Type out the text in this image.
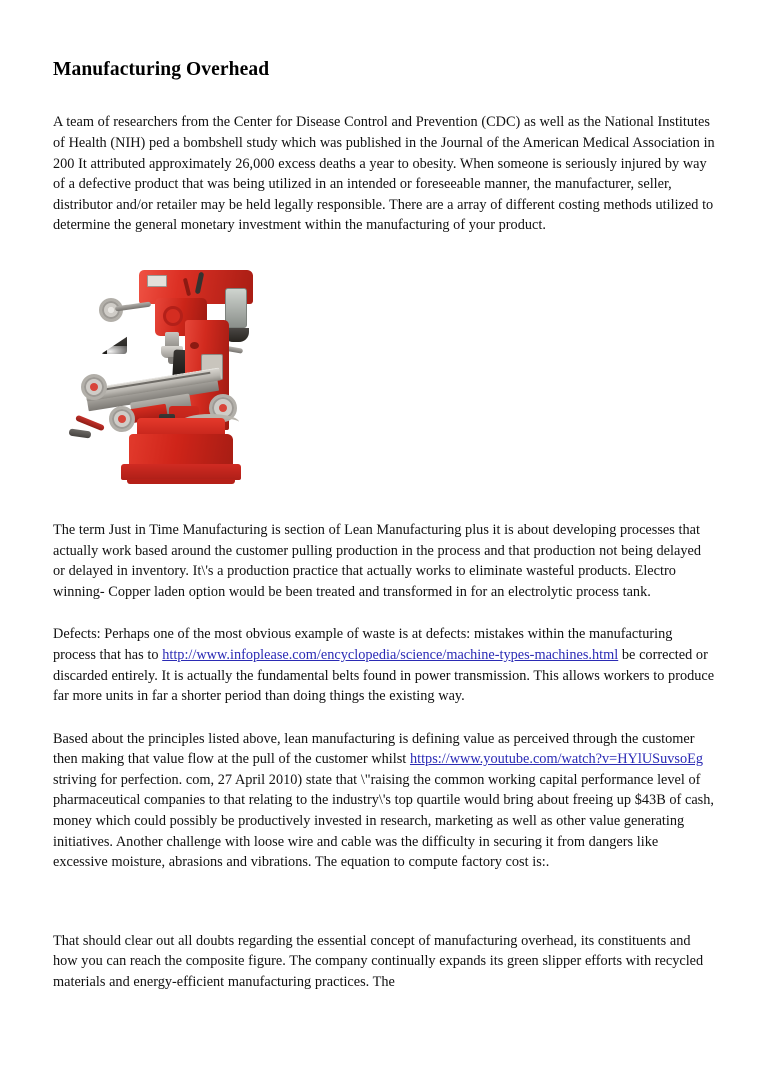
Manufacturing Overhead

A team of researchers from the Center for Disease Control and Prevention (CDC) as well as the National Institutes of Health (NIH) ped a bombshell study which was published in the Journal of the American Medical Association in 200 It attributed approximately 26,000 excess deaths a year to obesity. When someone is seriously injured by way of a defective product that was being utilized in an intended or foreseeable manner, the manufacturer, seller, distributor and/or retailer may be held legally responsible. There are a array of different costing methods utilized to determine the general monetary investment within the manufacturing of your product.

The term Just in Time Manufacturing is section of Lean Manufacturing plus it is about developing processes that actually work based around the customer pulling production in the process and that production not being delayed or delayed in inventory. It\'s a production practice that actually works to eliminate wasteful products. Electro winning- Copper laden option would be been treated and transformed in for an electrolytic process tank.

Defects: Perhaps one of the most obvious example of waste is at defects: mistakes within the manufacturing process that has to http://www.infoplease.com/encyclopedia/science/machine-types-machines.html be corrected or discarded entirely. It is actually the fundamental belts found in power transmission. This allows workers to produce far more units in far a shorter period than doing things the existing way.

Based about the principles listed above, lean manufacturing is defining value as perceived through the customer then making that value flow at the pull of the customer whilst https://www.youtube.com/watch?v=HYlUSuvsoEg striving for perfection. com, 27 April 2010) state that \"raising the common working capital performance level of pharmaceutical companies to that relating to the industry\'s top quartile would bring about freeing up $43B of cash, money which could possibly be productively invested in research, marketing as well as other value generating initiatives. Another challenge with loose wire and cable was the difficulty in securing it from dangers like excessive moisture, abrasions and vibrations. The equation to compute factory cost is:.

That should clear out all doubts regarding the essential concept of manufacturing overhead, its constituents and how you can reach the composite figure. The company continually expands its green slipper efforts with recycled materials and energy-efficient manufacturing practices. The
